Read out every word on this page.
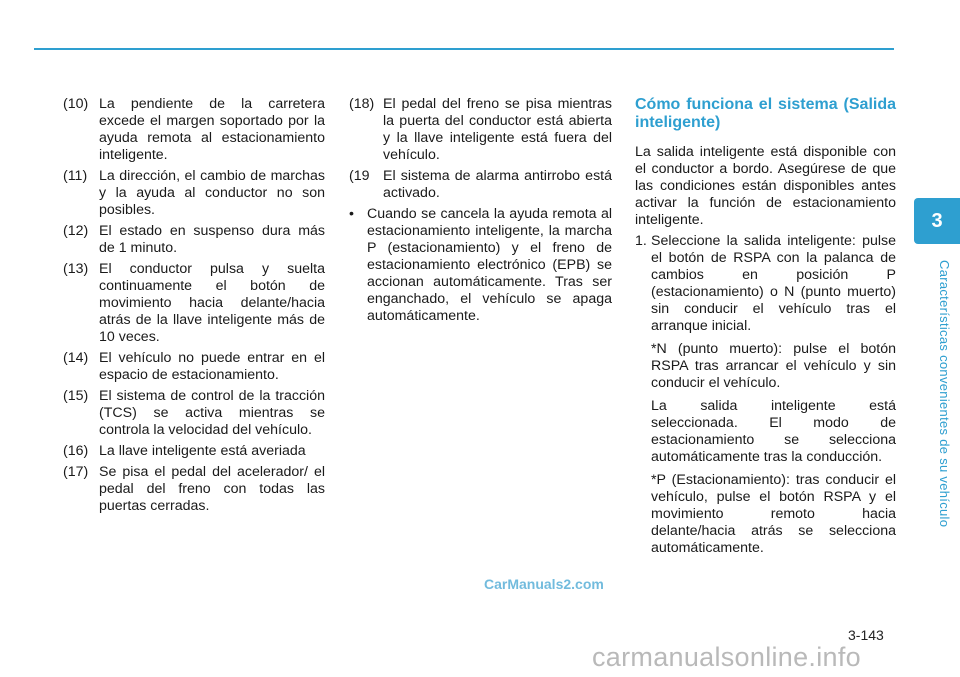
(10) La pendiente de la carretera excede el margen soportado por la ayuda remota al estacionamiento inteligente.
(11) La dirección, el cambio de marchas y la ayuda al conductor no son posibles.
(12) El estado en suspenso dura más de 1 minuto.
(13) El conductor pulsa y suelta continuamente el botón de movimiento hacia delante/hacia atrás de la llave inteligente más de 10 veces.
(14) El vehículo no puede entrar en el espacio de estacionamiento.
(15) El sistema de control de la tracción (TCS) se activa mientras se controla la velocidad del vehículo.
(16) La llave inteligente está averiada
(17) Se pisa el pedal del acelerador/ el pedal del freno con todas las puertas cerradas.
(18) El pedal del freno se pisa mientras la puerta del conductor está abierta y la llave inteligente está fuera del vehículo.
(19 El sistema de alarma antirrobo está activado.
• Cuando se cancela la ayuda remota al estacionamiento inteligente, la marcha P (estacionamiento) y el freno de estacionamiento electrónico (EPB) se accionan automáticamente. Tras ser enganchado, el vehículo se apaga automáticamente.
Cómo funciona el sistema (Salida inteligente)

La salida inteligente está disponible con el conductor a bordo. Asegúrese de que las condiciones están disponibles antes activar la función de estacionamiento inteligente.

1. Seleccione la salida inteligente: pulse el botón de RSPA con la palanca de cambios en posición P (estacionamiento) o N (punto muerto) sin conducir el vehículo tras el arranque inicial.

*N (punto muerto): pulse el botón RSPA tras arrancar el vehículo y sin conducir el vehículo.

La salida inteligente está seleccionada. El modo de estacionamiento se selecciona automáticamente tras la conducción.

*P (Estacionamiento): tras conducir el vehículo, pulse el botón RSPA y el movimiento remoto hacia delante/hacia atrás se selecciona automáticamente.

3
Características convenientes de su vehículo
CarManuals2.com
3-143
carmanualsonline.info
